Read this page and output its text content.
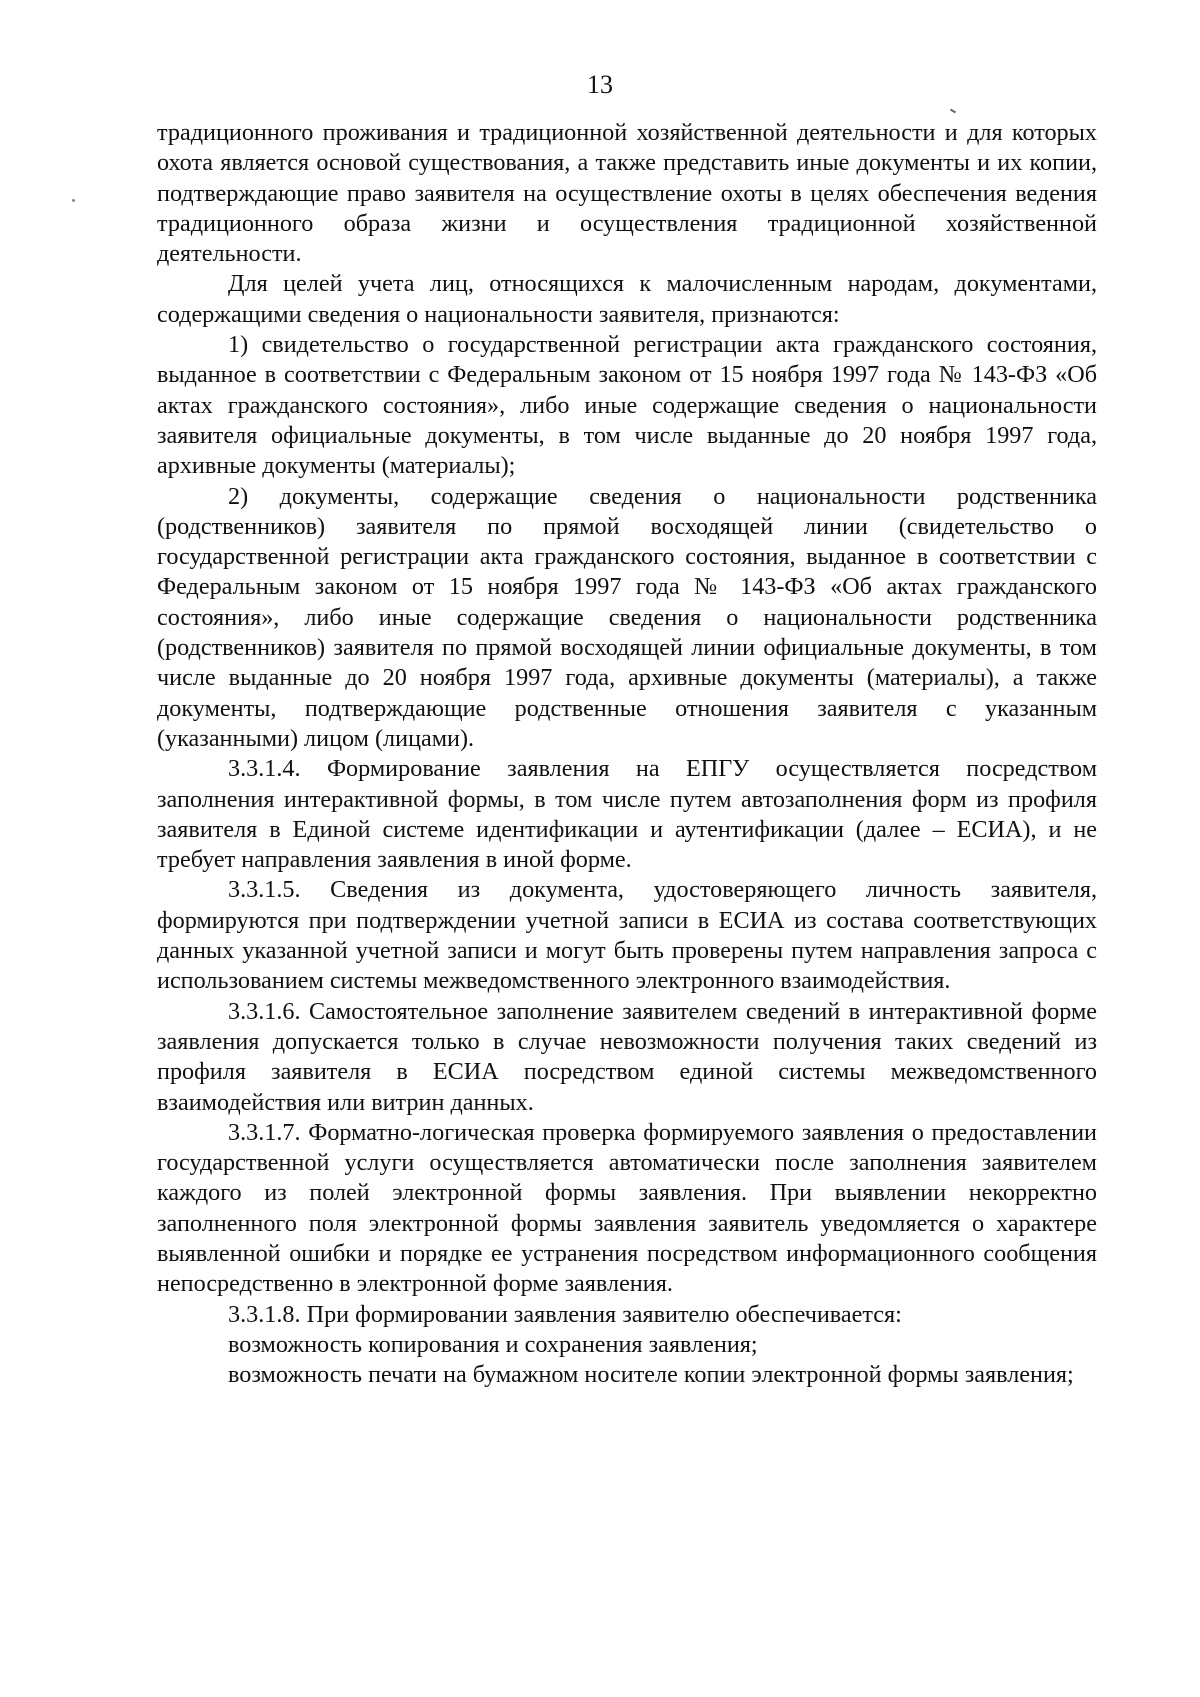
13

традиционного проживания и традиционной хозяйственной деятельности и для которых охота является основой существования, а также представить иные документы и их копии, подтверждающие право заявителя на осуществление охоты в целях обеспечения ведения традиционного образа жизни и осуществления традиционной хозяйственной деятельности.

Для целей учета лиц, относящихся к малочисленным народам, документами, содержащими сведения о национальности заявителя, признаются:

1) свидетельство о государственной регистрации акта гражданского состояния, выданное в соответствии с Федеральным законом от 15 ноября 1997 года № 143-ФЗ «Об актах гражданского состояния», либо иные содержащие сведения о национальности заявителя официальные документы, в том числе выданные до 20 ноября 1997 года, архивные документы (материалы);

2) документы, содержащие сведения о национальности родственника (родственников) заявителя по прямой восходящей линии (свидетельство о государственной регистрации акта гражданского состояния, выданное в соответствии с Федеральным законом от 15 ноября 1997 года № 143-ФЗ «Об актах гражданского состояния», либо иные содержащие сведения о национальности родственника (родственников) заявителя по прямой восходящей линии официальные документы, в том числе выданные до 20 ноября 1997 года, архивные документы (материалы), а также документы, подтверждающие родственные отношения заявителя с указанным (указанными) лицом (лицами).

3.3.1.4. Формирование заявления на ЕПГУ осуществляется посредством заполнения интерактивной формы, в том числе путем автозаполнения форм из профиля заявителя в Единой системе идентификации и аутентификации (далее – ЕСИА), и не требует направления заявления в иной форме.

3.3.1.5. Сведения из документа, удостоверяющего личность заявителя, формируются при подтверждении учетной записи в ЕСИА из состава соответствующих данных указанной учетной записи и могут быть проверены путем направления запроса с использованием системы межведомственного электронного взаимодействия.

3.3.1.6. Самостоятельное заполнение заявителем сведений в интерактивной форме заявления допускается только в случае невозможности получения таких сведений из профиля заявителя в ЕСИА посредством единой системы межведомственного взаимодействия или витрин данных.

3.3.1.7. Форматно-логическая проверка формируемого заявления о предоставлении государственной услуги осуществляется автоматически после заполнения заявителем каждого из полей электронной формы заявления. При выявлении некорректно заполненного поля электронной формы заявления заявитель уведомляется о характере выявленной ошибки и порядке ее устранения посредством информационного сообщения непосредственно в электронной форме заявления.

3.3.1.8. При формировании заявления заявителю обеспечивается:

возможность копирования и сохранения заявления;

возможность печати на бумажном носителе копии электронной формы заявления;
